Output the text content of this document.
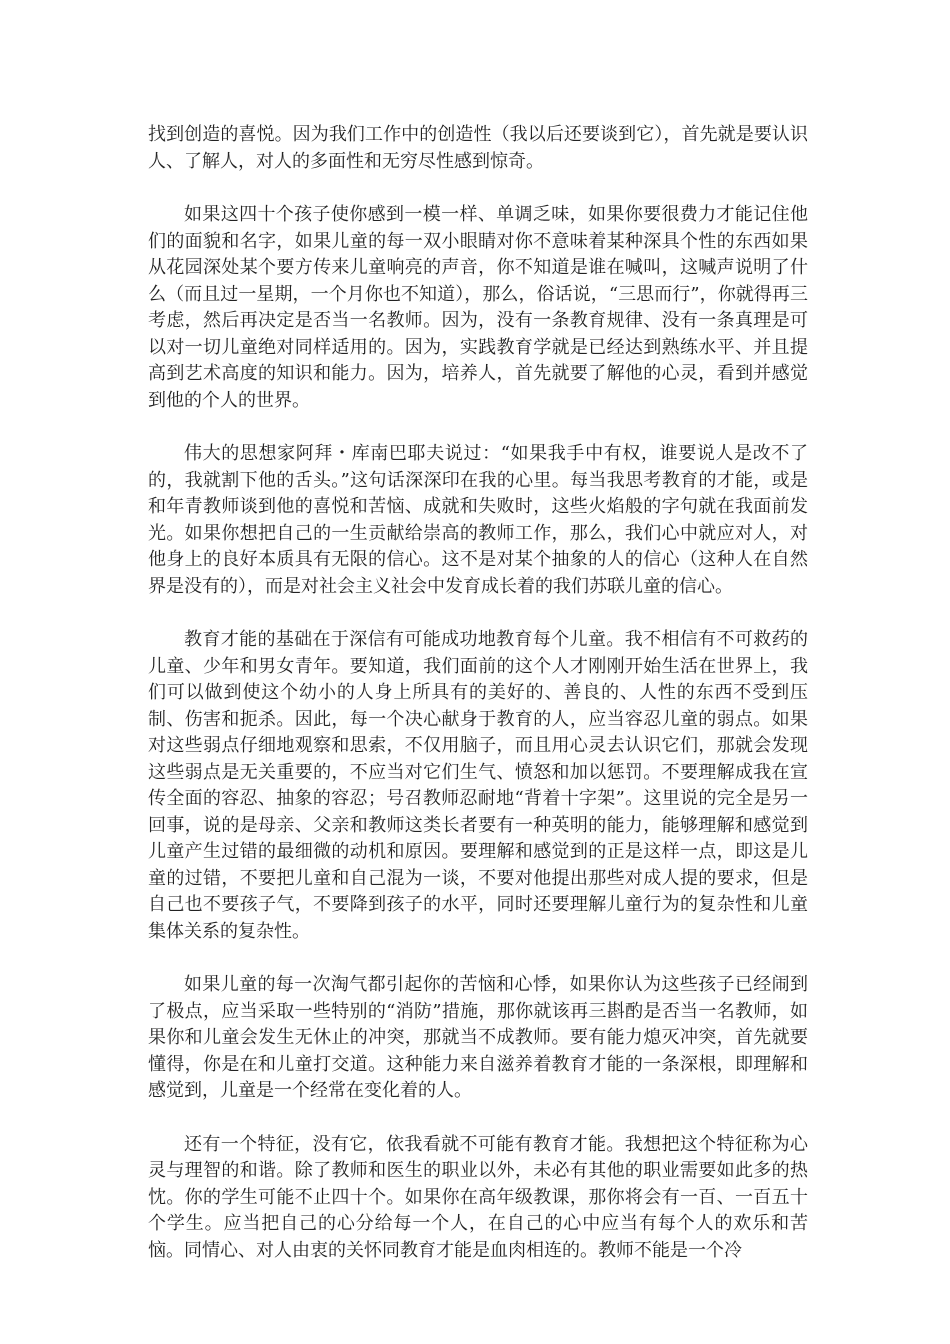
找到创造的喜悦。因为我们工作中的创造性（我以后还要谈到它），首先就是要认识人、了解人，对人的多面性和无穷尽性感到惊奇。

如果这四十个孩子使你感到一模一样、单调乏味，如果你要很费力才能记住他们的面貌和名字，如果儿童的每一双小眼睛对你不意味着某种深具个性的东西如果从花园深处某个要方传来儿童响亮的声音，你不知道是谁在喊叫，这喊声说明了什么（而且过一星期，一个月你也不知道），那么，俗话说，“三思而行”，你就得再三考虑，然后再决定是否当一名教师。因为，没有一条教育规律、没有一条真理是可以对一切儿童绝对同样适用的。因为，实践教育学就是已经达到熟练水平、并且提高到艺术高度的知识和能力。因为，培养人，首先就要了解他的心灵，看到并感觉到他的个人的世界。

伟大的思想家阿拜・库南巴耶夫说过：“如果我手中有权，谁要说人是改不了的，我就割下他的舌头。”这句话深深印在我的心里。每当我思考教育的才能，或是和年青教师谈到他的喜悦和苦恼、成就和失败时，这些火焰般的字句就在我面前发光。如果你想把自己的一生贡献给崇高的教师工作，那么，我们心中就应对人，对他身上的良好本质具有无限的信心。这不是对某个抽象的人的信心（这种人在自然界是没有的），而是对社会主义社会中发育成长着的我们苏联儿童的信心。

教育才能的基础在于深信有可能成功地教育每个儿童。我不相信有不可救药的儿童、少年和男女青年。要知道，我们面前的这个人才刚刚开始生活在世界上，我们可以做到使这个幼小的人身上所具有的美好的、善良的、人性的东西不受到压制、伤害和扼杀。因此，每一个决心献身于教育的人，应当容忍儿童的弱点。如果对这些弱点仔细地观察和思索，不仅用脑子，而且用心灵去认识它们，那就会发现这些弱点是无关重要的，不应当对它们生气、愤怒和加以惩罚。不要理解成我在宣传全面的容忍、抽象的容忍；号召教师忍耐地“背着十字架”。这里说的完全是另一回事，说的是母亲、父亲和教师这类长者要有一种英明的能力，能够理解和感觉到儿童产生过错的最细微的动机和原因。要理解和感觉到的正是这样一点，即这是儿童的过错，不要把儿童和自己混为一谈，不要对他提出那些对成人提的要求，但是自己也不要孩子气，不要降到孩子的水平，同时还要理解儿童行为的复杂性和儿童集体关系的复杂性。

如果儿童的每一次淘气都引起你的苦恼和心悸，如果你认为这些孩子已经闹到了极点，应当采取一些特别的“消防”措施，那你就该再三斟酌是否当一名教师，如果你和儿童会发生无休止的冲突，那就当不成教师。要有能力熄灭冲突，首先就要懂得，你是在和儿童打交道。这种能力来自滋养着教育才能的一条深根，即理解和感觉到，儿童是一个经常在变化着的人。

还有一个特征，没有它，依我看就不可能有教育才能。我想把这个特征称为心灵与理智的和谐。除了教师和医生的职业以外，未必有其他的职业需要如此多的热忱。你的学生可能不止四十个。如果你在高年级教课，那你将会有一百、一百五十个学生。应当把自己的心分给每一个人，在自己的心中应当有每个人的欢乐和苦恼。同情心、对人由衷的关怀同教育才能是血肉相连的。教师不能是一个冷
